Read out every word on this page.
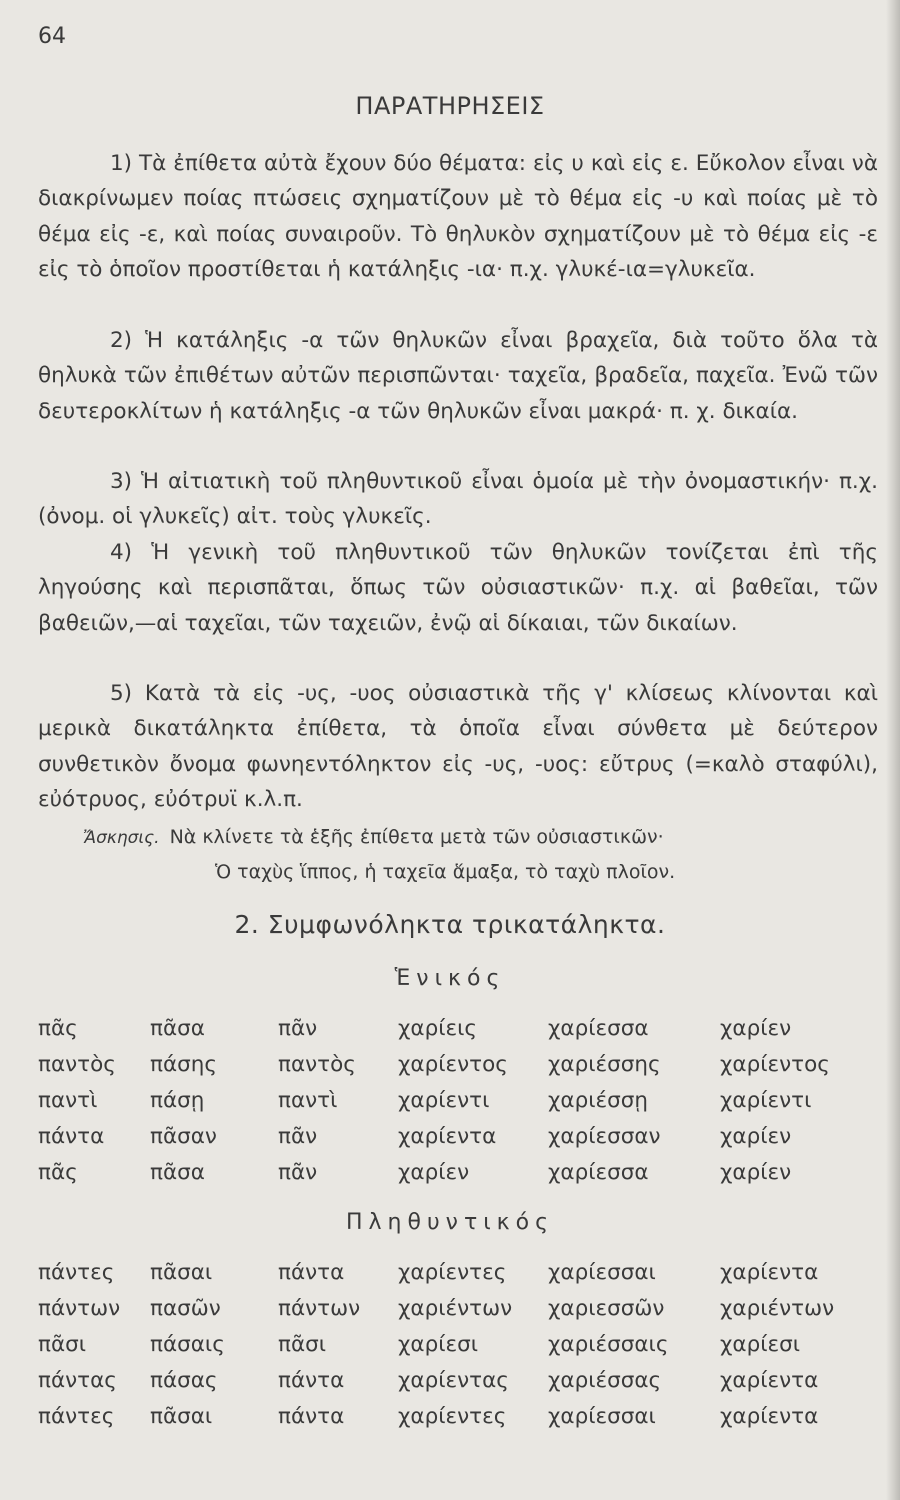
64
ΠΑΡΑΤΗΡΗΣΕΙΣ

1) Τὰ ἐπίθετα αὐτὰ ἔχουν δύο θέματα: εἰς υ καὶ εἰς ε. Εὔκολον εἶναι νὰ διακρίνωμεν ποίας πτώσεις σχηματίζουν μὲ τὸ θέμα εἰς -υ καὶ ποίας μὲ τὸ θέμα εἰς -ε, καὶ ποίας συναιροῦν. Τὸ θηλυκὸν σχηματίζουν μὲ τὸ θέμα εἰς -ε εἰς τὸ ὁποῖον προστίθεται ἡ κατάληξις -ια· π.χ. γλυκέ-ια=γλυκεῖα.

2) Ἡ κατάληξις -α τῶν θηλυκῶν εἶναι βραχεῖα, διὰ τοῦτο ὅλα τὰ θηλυκὰ τῶν ἐπιθέτων αὐτῶν περισπῶνται· ταχεῖα, βραδεῖα, παχεῖα. Ἐνῶ τῶν δευτεροκλίτων ἡ κατάληξις -α τῶν θηλυκῶν εἶναι μακρά· π. χ. δικαία.

3) Ἡ αἰτιατικὴ τοῦ πληθυντικοῦ εἶναι ὁμοία μὲ τὴν ὀνομαστικήν· π.χ. (ὀνομ. οἱ γλυκεῖς) αἰτ. τοὺς γλυκεῖς.

4) Ἡ γενικὴ τοῦ πληθυντικοῦ τῶν θηλυκῶν τονίζεται ἐπὶ τῆς ληγούσης καὶ περισπᾶται, ὅπως τῶν οὐσιαστικῶν· π.χ. αἱ βαθεῖαι, τῶν βαθειῶν,—αἱ ταχεῖαι, τῶν ταχειῶν, ἐνῷ αἱ δίκαιαι, τῶν δικαίων.

5) Κατὰ τὰ εἰς -υς, -υος οὐσιαστικὰ τῆς γ' κλίσεως κλίνονται καὶ μερικὰ δικατάληκτα ἐπίθετα, τὰ ὁποῖα εἶναι σύνθετα μὲ δεύτερον συνθετικὸν ὄνομα φωνηεντόληκτον εἰς -υς, -υος: εὔτρυς (=καλὸ σταφύλι), εὐότρυος, εὐότρυϊ κ.λ.π.

Ἄσκησις. Νὰ κλίνετε τὰ ἑξῆς ἐπίθετα μετὰ τῶν οὐσιαστικῶν·
Ὁ ταχὺς ἵππος, ἡ ταχεῖα ἅμαξα, τὸ ταχὺ πλοῖον.
2. Συμφωνόληκτα τρικατάληκτα.
Ἑνικός
πᾶς	πᾶσα	πᾶν	χαρίεις	χαρίεσσα	χαρίεν
παντὸς	πάσης	παντὸς	χαρίεντος	χαριέσσης	χαρίεντος
παντὶ	πάσῃ	παντὶ	χαρίεντι	χαριέσσῃ	χαρίεντι
πάντα	πᾶσαν	πᾶν	χαρίεντα	χαρίεσσαν	χαρίεν
πᾶς	πᾶσα	πᾶν	χαρίεν	χαρίεσσα	χαρίεν
Πληθυντικός
πάντες	πᾶσαι	πάντα	χαρίεντες	χαρίεσσαι	χαρίεντα
πάντων	πασῶν	πάντων	χαριέντων	χαριεσσῶν	χαριέντων
πᾶσι	πάσαις	πᾶσι	χαρίεσι	χαριέσσαις	χαρίεσι
πάντας	πάσας	πάντα	χαρίεντας	χαριέσσας	χαρίεντα
πάντες	πᾶσαι	πάντα	χαρίεντες	χαρίεσσαι	χαρίεντα
